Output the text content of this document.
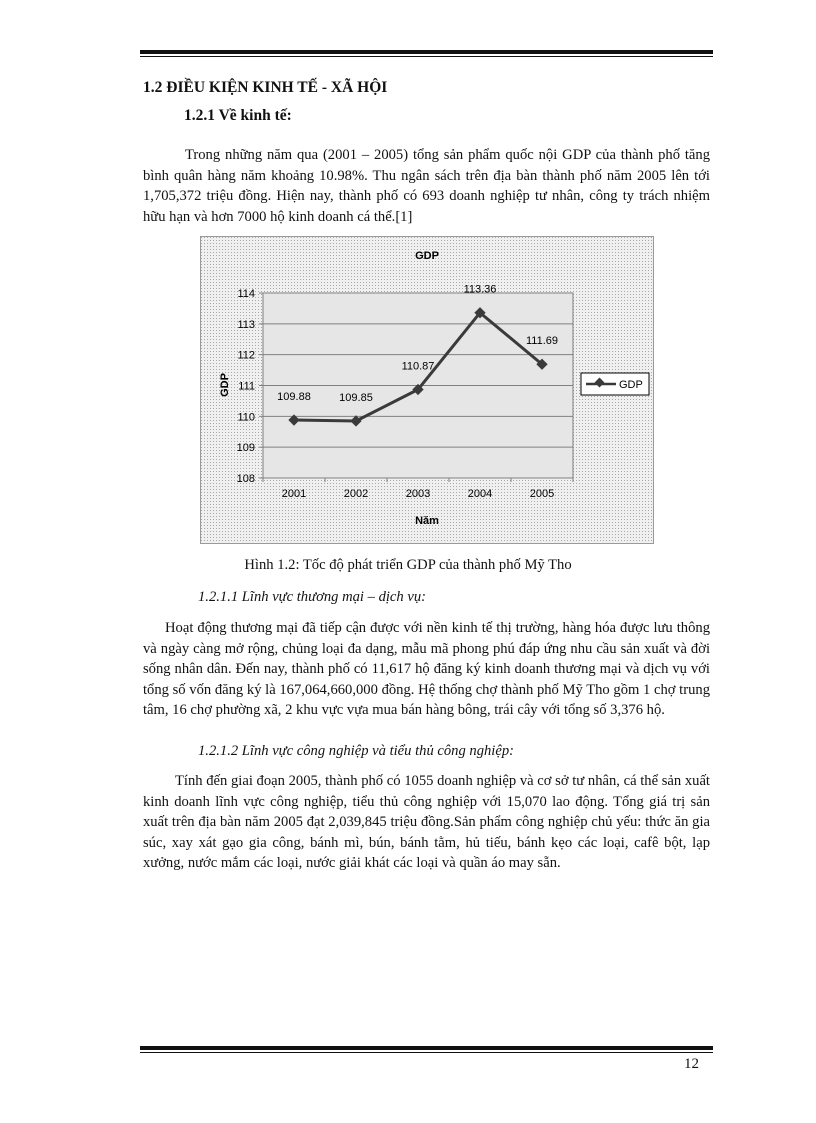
1.2 ĐIỀU KIỆN KINH TẾ - XÃ HỘI
1.2.1 Về kinh tế:

Trong những năm qua (2001 – 2005) tổng sản phẩm quốc nội GDP của thành phố tăng bình quân hàng năm khoảng 10.98%. Thu ngân sách trên địa bàn thành phố năm 2005 lên tới 1,705,372 triệu đồng. Hiện nay, thành phố có 693 doanh nghiệp tư nhân, công ty trách nhiệm hữu hạn và hơn 7000 hộ kinh doanh cá thể.[1]

108
109
110
111
112
113
114
2001	2002	2003	2004	2005
109.88	109.85
110.87
113.36
111.69
GDP
Năm
GDP	GDP
Hình 1.2: Tốc độ phát triển GDP của thành phố Mỹ Tho
1.2.1.1 Lĩnh vực thương mại – dịch vụ:

Hoạt động thương mại đã tiếp cận được với nền kinh tế thị trường, hàng hóa được lưu thông và ngày càng mở rộng, chủng loại đa dạng, mẫu mã phong phú đáp ứng nhu cầu sản xuất và đời sống nhân dân. Đến nay, thành phố có 11,617 hộ đăng ký kinh doanh thương mại và dịch vụ với tổng số vốn đăng ký là 167,064,660,000 đồng. Hệ thống chợ thành phố Mỹ Tho gồm 1 chợ trung tâm, 16 chợ phường xã, 2 khu vực vựa mua bán hàng bông, trái cây với tổng số 3,376 hộ.

1.2.1.2 Lĩnh vực công nghiệp và tiểu thủ công nghiệp:

Tính đến giai đoạn 2005, thành phố có 1055 doanh nghiệp và cơ sở tư nhân, cá thể sản xuất kinh doanh lĩnh vực công nghiệp, tiểu thủ công nghiệp với 15,070 lao động. Tổng giá trị sản xuất trên địa bàn năm 2005 đạt 2,039,845 triệu đồng.Sản phẩm công nghiệp chủ yếu: thức ăn gia súc, xay xát gạo gia công, bánh mì, bún, bánh tằm, hủ tiếu, bánh kẹo các loại, cafê bột, lạp xưởng, nước mắm các loại, nước giải khát các loại và quần áo may sẵn.

12
